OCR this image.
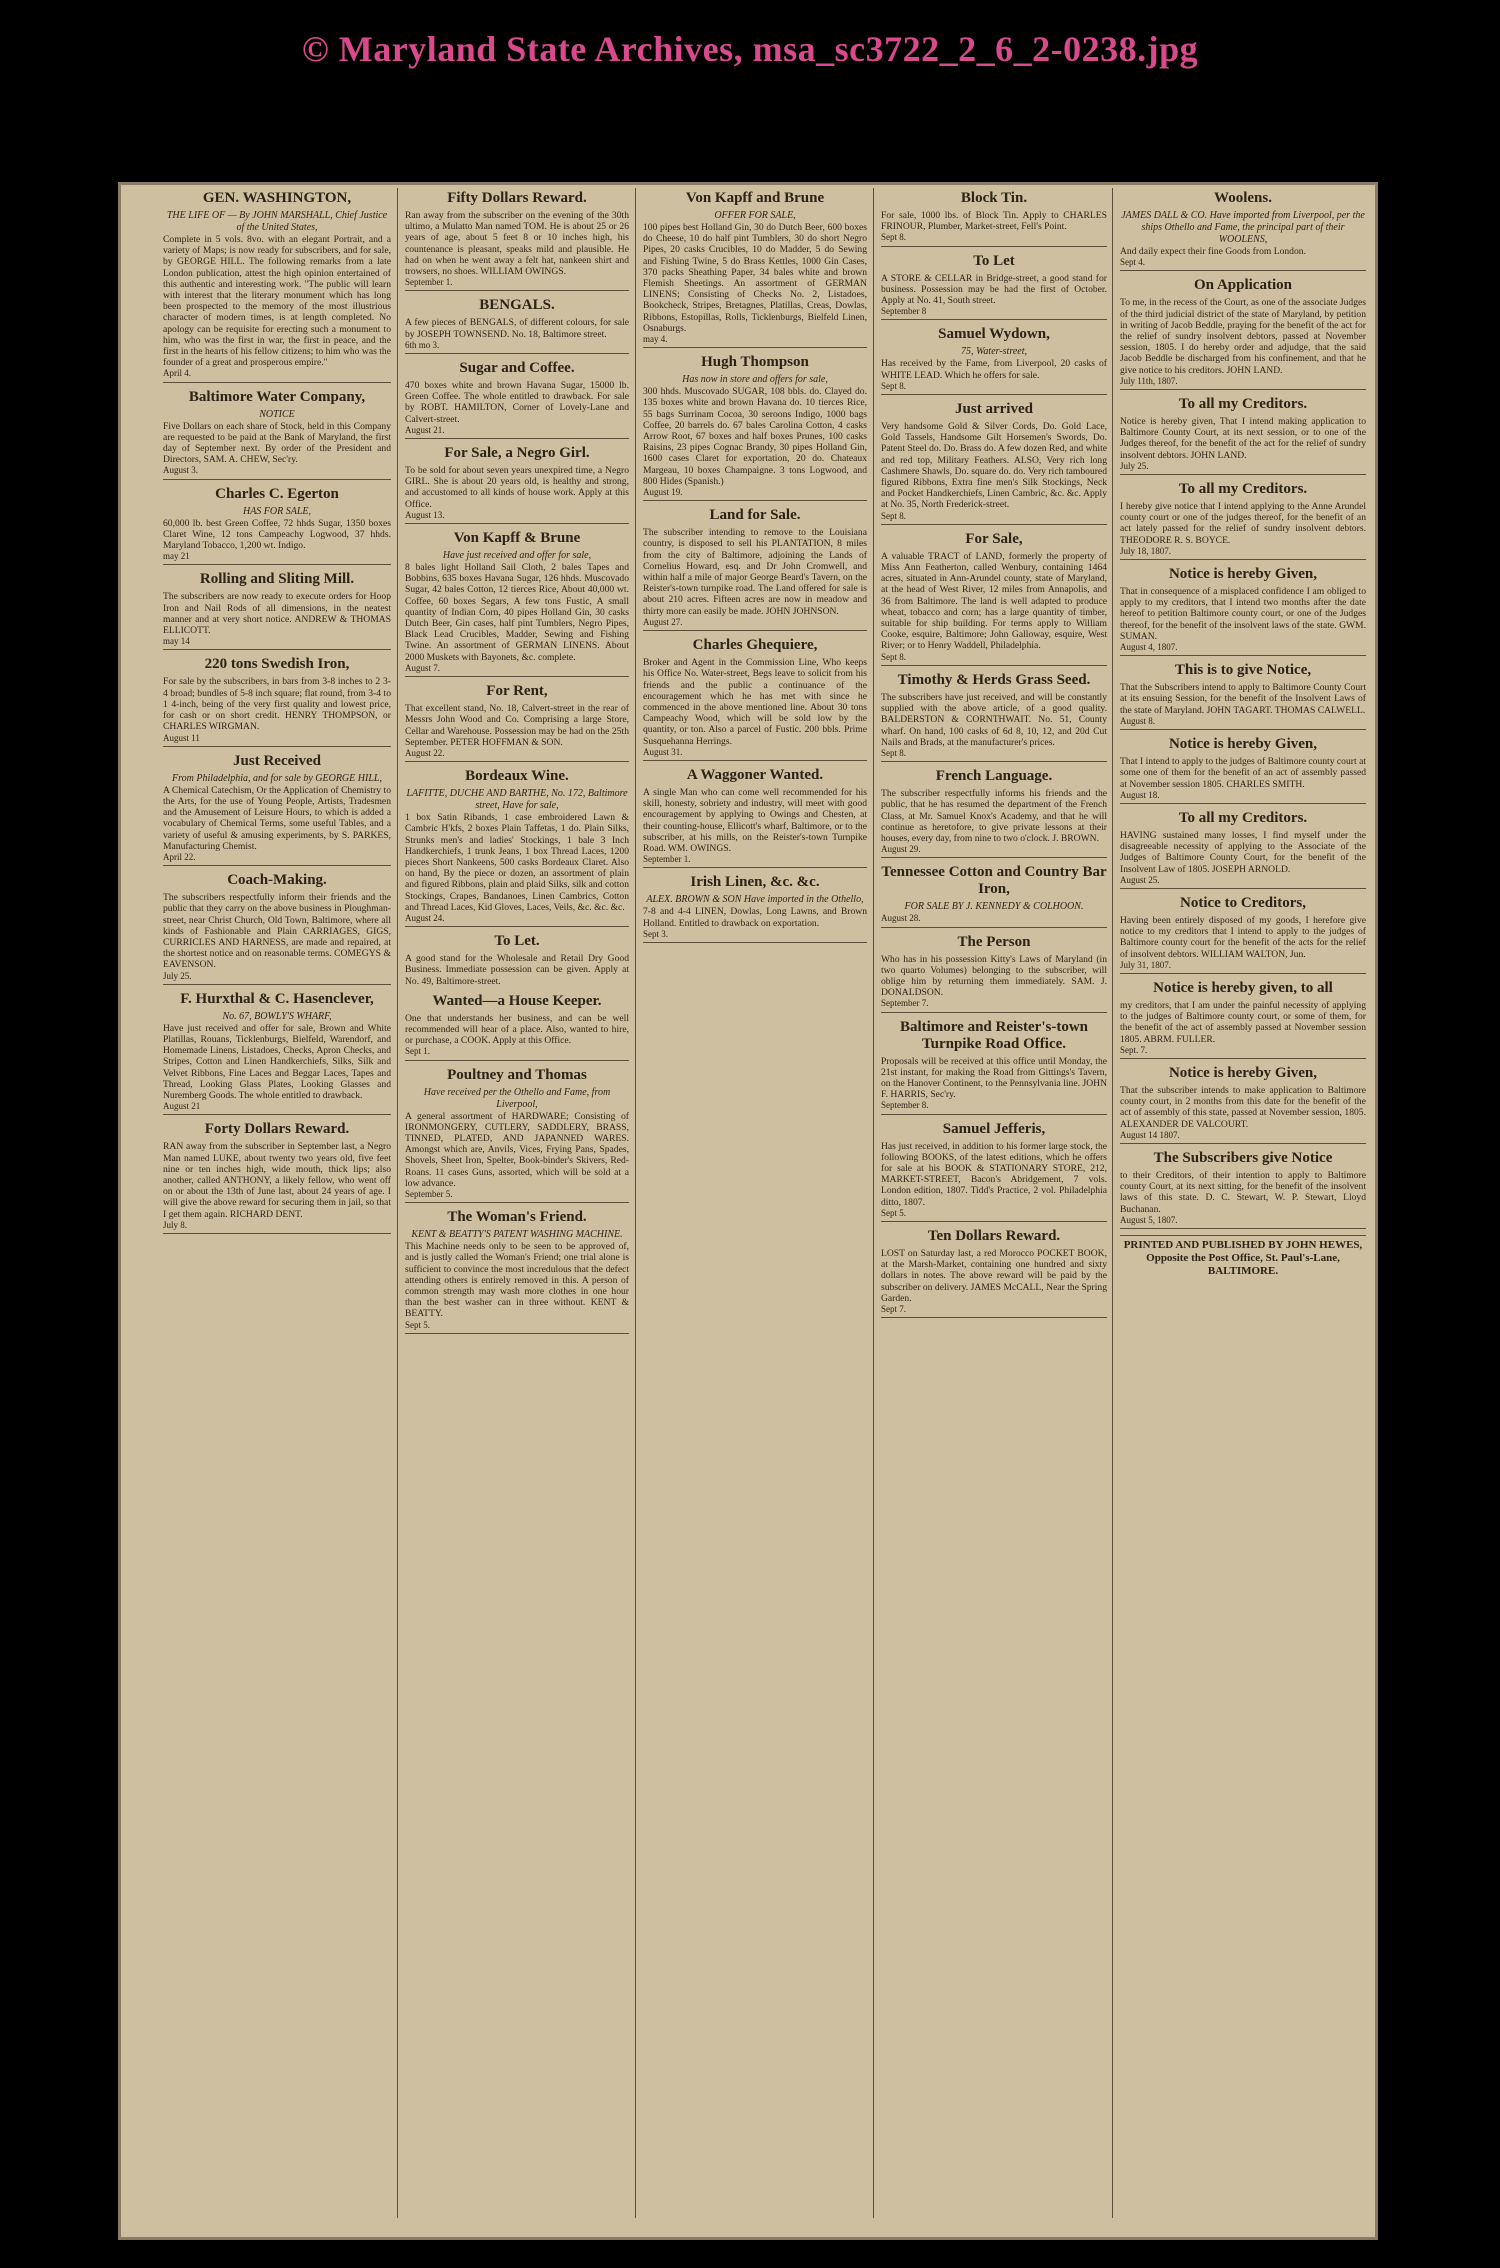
© Maryland State Archives, msa_sc3722_2_6_2-0238.jpg
GEN. WASHINGTON,
THE LIFE OF — By JOHN MARSHALL, Chief Justice of the United States,
Complete in 5 vols. 8vo. with an elegant Portrait, and a variety of Maps; is now ready for subscribers, and for sale, by GEORGE HILL. The following remarks from a late London publication, attest the high opinion entertained of this authentic and interesting work. "The public will learn with interest that the literary monument which has long been prospected to the memory of the most illustrious character of modern times, is at length completed. No apology can be requisite for erecting such a monument to him, who was the first in war, the first in peace, and the first in the hearts of his fellow citizens; to him who was the founder of a great and prosperous empire."
April 4.
Baltimore Water Company,
NOTICE
Five Dollars on each share of Stock, held in this Company are requested to be paid at the Bank of Maryland, the first day of September next. By order of the President and Directors, SAM. A. CHEW, Sec'ry.
August 3.
Charles C. Egerton
HAS FOR SALE,
60,000 lb. best Green Coffee, 72 hhds Sugar, 1350 boxes Claret Wine, 12 tons Campeachy Logwood, 37 hhds. Maryland Tobacco, 1,200 wt. Indigo.
may 21
Rolling and Sliting Mill.
The subscribers are now ready to execute orders for Hoop Iron and Nail Rods of all dimensions, in the neatest manner and at very short notice. ANDREW & THOMAS ELLICOTT.
may 14
220 tons Swedish Iron,
For sale by the subscribers, in bars from 3-8 inches to 2 3-4 broad; bundles of 5-8 inch square; flat round, from 3-4 to 1 4-inch, being of the very first quality and lowest price, for cash or on short credit. HENRY THOMPSON, or CHARLES WIRGMAN.
August 11
Just Received
From Philadelphia, and for sale by GEORGE HILL,
A Chemical Catechism, Or the Application of Chemistry to the Arts, for the use of Young People, Artists, Tradesmen and the Amusement of Leisure Hours, to which is added a vocabulary of Chemical Terms, some useful Tables, and a variety of useful & amusing experiments, by S. PARKES, Manufacturing Chemist.
April 22.
Coach-Making.
The subscribers respectfully inform their friends and the public that they carry on the above business in Ploughman-street, near Christ Church, Old Town, Baltimore, where all kinds of Fashionable and Plain CARRIAGES, GIGS, CURRICLES AND HARNESS, are made and repaired, at the shortest notice and on reasonable terms. COMEGYS & EAVENSON.
July 25.
F. Hurxthal & C. Hasenclever,
No. 67, BOWLY'S WHARF,
Have just received and offer for sale, Brown and White Platillas, Rouans, Ticklenburgs, Bielfeld, Warendorf, and Homemade Linens, Listadoes, Checks, Apron Checks, and Stripes, Cotton and Linen Handkerchiefs, Silks, Silk and Velvet Ribbons, Fine Laces and Beggar Laces, Tapes and Thread, Looking Glass Plates, Looking Glasses and Nuremberg Goods. The whole entitled to drawback.
August 21
Forty Dollars Reward.
RAN away from the subscriber in September last, a Negro Man named LUKE, about twenty two years old, five feet nine or ten inches high, wide mouth, thick lips; also another, called ANTHONY, a likely fellow, who went off on or about the 13th of June last, about 24 years of age. I will give the above reward for securing them in jail, so that I get them again. RICHARD DENT.
July 8.
Fifty Dollars Reward.
Ran away from the subscriber on the evening of the 30th ultimo, a Mulatto Man named TOM. He is about 25 or 26 years of age, about 5 feet 8 or 10 inches high, his countenance is pleasant, speaks mild and plausible. He had on when he went away a felt hat, nankeen shirt and trowsers, no shoes. WILLIAM OWINGS.
September 1.
BENGALS.
A few pieces of BENGALS, of different colours, for sale by JOSEPH TOWNSEND. No. 18, Baltimore street.
6th mo 3.
Sugar and Coffee.
470 boxes white and brown Havana Sugar, 15000 lb. Green Coffee. The whole entitled to drawback. For sale by ROBT. HAMILTON, Corner of Lovely-Lane and Calvert-street.
August 21.
For Sale, a Negro Girl.
To be sold for about seven years unexpired time, a Negro GIRL. She is about 20 years old, is healthy and strong, and accustomed to all kinds of house work. Apply at this Office.
August 13.
Von Kapff & Brune
Have just received and offer for sale,
8 bales light Holland Sail Cloth, 2 bales Tapes and Bobbins, 635 boxes Havana Sugar, 126 hhds. Muscovado Sugar, 42 bales Cotton, 12 tierces Rice, About 40,000 wt. Coffee, 60 boxes Segars, A few tons Fustic, A small quantity of Indian Corn, 40 pipes Holland Gin, 30 casks Dutch Beer, Gin cases, half pint Tumblers, Negro Pipes, Black Lead Crucibles, Madder, Sewing and Fishing Twine. An assortment of GERMAN LINENS. About 2000 Muskets with Bayonets, &c. complete.
August 7.
For Rent,
That excellent stand, No. 18, Calvert-street in the rear of Messrs John Wood and Co. Comprising a large Store, Cellar and Warehouse. Possession may be had on the 25th September. PETER HOFFMAN & SON.
August 22.
Bordeaux Wine.
LAFITTE, DUCHE AND BARTHE, No. 172, Baltimore street, Have for sale,
1 box Satin Ribands, 1 case embroidered Lawn & Cambric H'kfs, 2 boxes Plain Taffetas, 1 do. Plain Silks, Strunks men's and ladies' Stockings, 1 bale 3 Inch Handkerchiefs, 1 trunk Jeans, 1 box Thread Laces, 1200 pieces Short Nankeens, 500 casks Bordeaux Claret. Also on hand, By the piece or dozen, an assortment of plain and figured Ribbons, plain and plaid Silks, silk and cotton Stockings, Crapes, Bandanoes, Linen Cambrics, Cotton and Thread Laces, Kid Gloves, Laces, Veils, &c. &c. &c.
August 24.
To Let.
A good stand for the Wholesale and Retail Dry Good Business. Immediate possession can be given. Apply at No. 49, Baltimore-street.
Wanted—a House Keeper.
One that understands her business, and can be well recommended will hear of a place. Also, wanted to hire, or purchase, a COOK. Apply at this Office.
Sept 1.
Poultney and Thomas
Have received per the Othello and Fame, from Liverpool,
A general assortment of HARDWARE; Consisting of IRONMONGERY, CUTLERY, SADDLERY, BRASS, TINNED, PLATED, AND JAPANNED WARES. Amongst which are, Anvils, Vices, Frying Pans, Spades, Shovels, Sheet Iron, Spelter, Book-binder's Skivers, Red-Roans. 11 cases Guns, assorted, which will be sold at a low advance.
September 5.
The Woman's Friend.
KENT & BEATTY'S PATENT WASHING MACHINE.
This Machine needs only to be seen to be approved of, and is justly called the Woman's Friend; one trial alone is sufficient to convince the most incredulous that the defect attending others is entirely removed in this. A person of common strength may wash more clothes in one hour than the best washer can in three without. KENT & BEATTY.
Sept 5.
Von Kapff and Brune
OFFER FOR SALE,
100 pipes best Holland Gin, 30 do Dutch Beer, 600 boxes do Cheese, 10 do half pint Tumblers, 30 do short Negro Pipes, 20 casks Crucibles, 10 do Madder, 5 do Sewing and Fishing Twine, 5 do Brass Kettles, 1000 Gin Cases, 370 packs Sheathing Paper, 34 bales white and brown Flemish Sheetings. An assortment of GERMAN LINENS; Consisting of Checks No. 2, Listadoes, Bookcheck, Stripes, Bretagnes, Platillas, Creas, Dowlas, Ribbons, Estopillas, Rolls, Ticklenburgs, Bielfeld Linen, Osnaburgs.
may 4.
Hugh Thompson
Has now in store and offers for sale,
300 hhds. Muscovado SUGAR, 108 bbls. do. Clayed do. 135 boxes white and brown Havana do. 10 tierces Rice, 55 bags Surrinam Cocoa, 30 seroons Indigo, 1000 bags Coffee, 20 barrels do. 67 bales Carolina Cotton, 4 casks Arrow Root, 67 boxes and half boxes Prunes, 100 casks Raisins, 23 pipes Cognac Brandy, 30 pipes Holland Gin, 1600 cases Claret for exportation, 20 do. Chateaux Margeau, 10 boxes Champaigne. 3 tons Logwood, and 800 Hides (Spanish.)
August 19.
Land for Sale.
The subscriber intending to remove to the Louisiana country, is disposed to sell his PLANTATION, 8 miles from the city of Baltimore, adjoining the Lands of Cornelius Howard, esq. and Dr John Cromwell, and within half a mile of major George Beard's Tavern, on the Reister's-town turnpike road. The Land offered for sale is about 210 acres. Fifteen acres are now in meadow and thirty more can easily be made. JOHN JOHNSON.
August 27.
Charles Ghequiere,
Broker and Agent in the Commission Line, Who keeps his Office No. Water-street, Begs leave to solicit from his friends and the public a continuance of the encouragement which he has met with since he commenced in the above mentioned line. About 30 tons Campeachy Wood, which will be sold low by the quantity, or ton. Also a parcel of Fustic. 200 bbls. Prime Susquehanna Herrings.
August 31.
A Waggoner Wanted.
A single Man who can come well recommended for his skill, honesty, sobriety and industry, will meet with good encouragement by applying to Owings and Chesten, at their counting-house, Ellicott's wharf, Baltimore, or to the subscriber, at his mills, on the Reister's-town Turnpike Road. WM. OWINGS.
September 1.
Irish Linen, &c. &c.
ALEX. BROWN & SON Have imported in the Othello,
7-8 and 4-4 LINEN, Dowlas, Long Lawns, and Brown Holland. Entitled to drawback on exportation.
Sept 3.
Block Tin.
For sale, 1000 lbs. of Block Tin. Apply to CHARLES FRINOUR, Plumber, Market-street, Fell's Point.
Sept 8.
To Let
A STORE & CELLAR in Bridge-street, a good stand for business. Possession may be had the first of October. Apply at No. 41, South street.
September 8
Samuel Wydown,
75, Water-street,
Has received by the Fame, from Liverpool, 20 casks of WHITE LEAD. Which he offers for sale.
Sept 8.
Just arrived
Very handsome Gold & Silver Cords, Do. Gold Lace, Gold Tassels, Handsome Gilt Horsemen's Swords, Do. Patent Steel do. Do. Brass do. A few dozen Red, and white and red top, Military Feathers. ALSO, Very rich long Cashmere Shawls, Do. square do. do. Very rich tamboured figured Ribbons, Extra fine men's Silk Stockings, Neck and Pocket Handkerchiefs, Linen Cambric, &c. &c. Apply at No. 35, North Frederick-street.
Sept 8.
For Sale,
A valuable TRACT of LAND, formerly the property of Miss Ann Featherton, called Wenbury, containing 1464 acres, situated in Ann-Arundel county, state of Maryland, at the head of West River, 12 miles from Annapolis, and 36 from Baltimore. The land is well adapted to produce wheat, tobacco and corn; has a large quantity of timber, suitable for ship building. For terms apply to William Cooke, esquire, Baltimore; John Galloway, esquire, West River; or to Henry Waddell, Philadelphia.
Sept 8.
Timothy & Herds Grass Seed.
The subscribers have just received, and will be constantly supplied with the above article, of a good quality. BALDERSTON & CORNTHWAIT. No. 51, County wharf. On hand, 100 casks of 6d 8, 10, 12, and 20d Cut Nails and Brads, at the manufacturer's prices.
Sept 8.
French Language.
The subscriber respectfully informs his friends and the public, that he has resumed the department of the French Class, at Mr. Samuel Knox's Academy, and that he will continue as heretofore, to give private lessons at their houses, every day, from nine to two o'clock. J. BROWN.
August 29.
Tennessee Cotton and Country Bar Iron,
FOR SALE BY J. KENNEDY & COLHOON.
August 28.
The Person
Who has in his possession Kitty's Laws of Maryland (in two quarto Volumes) belonging to the subscriber, will oblige him by returning them immediately. SAM. J. DONALDSON.
September 7.
Baltimore and Reister's-town Turnpike Road Office.
Proposals will be received at this office until Monday, the 21st instant, for making the Road from Gittings's Tavern, on the Hanover Continent, to the Pennsylvania line. JOHN F. HARRIS, Sec'ry.
September 8.
Samuel Jefferis,
Has just received, in addition to his former large stock, the following BOOKS, of the latest editions, which he offers for sale at his BOOK & STATIONARY STORE, 212, MARKET-STREET, Bacon's Abridgement, 7 vols. London edition, 1807. Tidd's Practice, 2 vol. Philadelphia ditto, 1807.
Sept 5.
Ten Dollars Reward.
LOST on Saturday last, a red Morocco POCKET BOOK, at the Marsh-Market, containing one hundred and sixty dollars in notes. The above reward will be paid by the subscriber on delivery. JAMES McCALL, Near the Spring Garden.
Sept 7.
Woolens.
JAMES DALL & CO. Have imported from Liverpool, per the ships Othello and Fame, the principal part of their WOOLENS,
And daily expect their fine Goods from London.
Sept 4.
On Application
To me, in the recess of the Court, as one of the associate Judges of the third judicial district of the state of Maryland, by petition in writing of Jacob Beddle, praying for the benefit of the act for the relief of sundry insolvent debtors, passed at November session, 1805. I do hereby order and adjudge, that the said Jacob Beddle be discharged from his confinement, and that he give notice to his creditors. JOHN LAND.
July 11th, 1807.
To all my Creditors.
Notice is hereby given, That I intend making application to Baltimore County Court, at its next session, or to one of the Judges thereof, for the benefit of the act for the relief of sundry insolvent debtors. JOHN LAND.
July 25.
To all my Creditors.
I hereby give notice that I intend applying to the Anne Arundel county court or one of the judges thereof, for the benefit of an act lately passed for the relief of sundry insolvent debtors. THEODORE R. S. BOYCE.
July 18, 1807.
Notice is hereby Given,
That in consequence of a misplaced confidence I am obliged to apply to my creditors, that I intend two months after the date hereof to petition Baltimore county court, or one of the Judges thereof, for the benefit of the insolvent laws of the state. GWM. SUMAN.
August 4, 1807.
This is to give Notice,
That the Subscribers intend to apply to Baltimore County Court at its ensuing Session, for the benefit of the Insolvent Laws of the state of Maryland. JOHN TAGART. THOMAS CALWELL.
August 8.
Notice is hereby Given,
That I intend to apply to the judges of Baltimore county court at some one of them for the benefit of an act of assembly passed at November session 1805. CHARLES SMITH.
August 18.
To all my Creditors.
HAVING sustained many losses, I find myself under the disagreeable necessity of applying to the Associate of the Judges of Baltimore County Court, for the benefit of the Insolvent Law of 1805. JOSEPH ARNOLD.
August 25.
Notice to Creditors,
Having been entirely disposed of my goods, I herefore give notice to my creditors that I intend to apply to the judges of Baltimore county court for the benefit of the acts for the relief of insolvent debtors. WILLIAM WALTON, Jun.
July 31, 1807.
Notice is hereby given, to all
my creditors, that I am under the painful necessity of applying to the judges of Baltimore county court, or some of them, for the benefit of the act of assembly passed at November session 1805. ABRM. FULLER.
Sept. 7.
Notice is hereby Given,
That the subscriber intends to make application to Baltimore county court, in 2 months from this date for the benefit of the act of assembly of this state, passed at November session, 1805. ALEXANDER DE VALCOURT.
August 14 1807.
The Subscribers give Notice
to their Creditors, of their intention to apply to Baltimore county Court, at its next sitting, for the benefit of the insolvent laws of this state. D. C. Stewart, W. P. Stewart, Lloyd Buchanan.
August 5, 1807.
PRINTED AND PUBLISHED BY JOHN HEWES, Opposite the Post Office, St. Paul's-Lane, BALTIMORE.
